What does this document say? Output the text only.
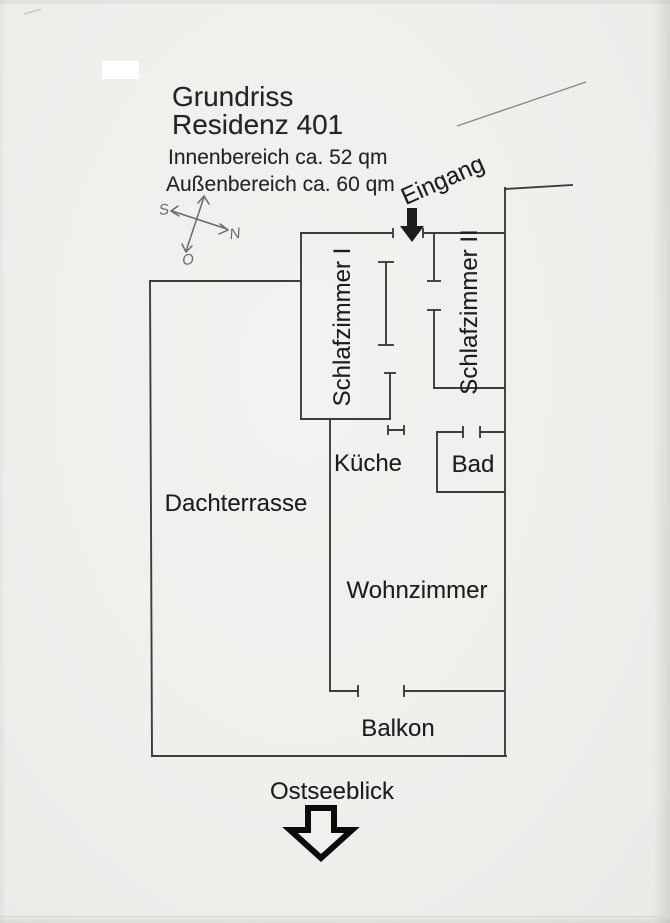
Grundriss
Residenz 401
Innenbereich ca. 52 qm
Außenbereich ca. 60 qm
S
N
O
Eingang
Ostseeblick
Schlafzimmer I	Schlafzimmer II
Küche Bad
Dachterrasse
Wohnzimmer
Balkon
